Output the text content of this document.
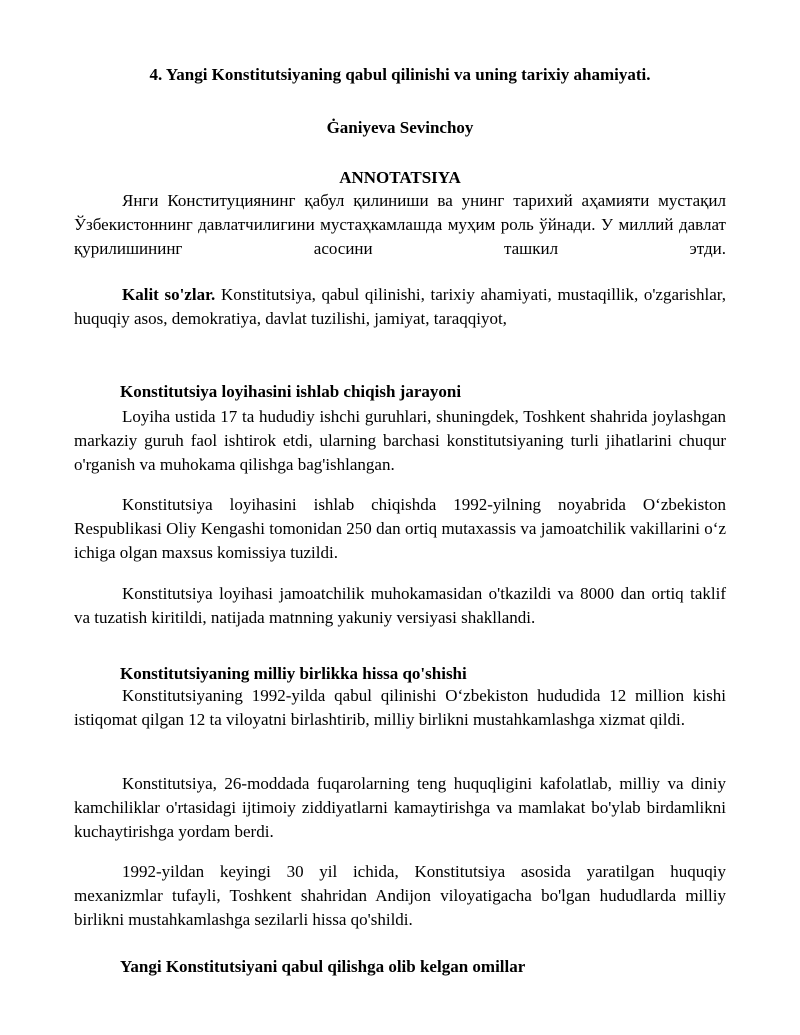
4. Yangi Konstitutsiyaning qabul qilinishi va uning tarixiy ahamiyati.
Ġaniyeva Sevinchoy
ANNOTATSIYA
Янги Конституциянинг қабул қилиниши ва унинг тарихий аҳамияти мустақил Ўзбекистоннинг давлатчилигини мустаҳкамлашда муҳим роль ўйнади. У миллий давлат қурилишининг асосини ташкил этди.
Kalit so'zlar. Konstitutsiya, qabul qilinishi, tarixiy ahamiyati, mustaqillik, o'zgarishlar, huquqiy asos, demokratiya, davlat tuzilishi, jamiyat, taraqqiyot,
Konstitutsiya loyihasini ishlab chiqish jarayoni
Loyiha ustida 17 ta hududiy ishchi guruhlari, shuningdek, Toshkent shahrida joylashgan markaziy guruh faol ishtirok etdi, ularning barchasi konstitutsiyaning turli jihatlarini chuqur o'rganish va muhokama qilishga bag'ishlangan.
Konstitutsiya loyihasini ishlab chiqishda 1992-yilning noyabrida Oʻzbekiston Respublikasi Oliy Kengashi tomonidan 250 dan ortiq mutaxassis va jamoatchilik vakillarini oʻz ichiga olgan maxsus komissiya tuzildi.
Konstitutsiya loyihasi jamoatchilik muhokamasidan o'tkazildi va 8000 dan ortiq taklif va tuzatish kiritildi, natijada matnning yakuniy versiyasi shakllandi.
Konstitutsiyaning milliy birlikka hissa qo'shishi
Konstitutsiyaning 1992-yilda qabul qilinishi Oʻzbekiston hududida 12 million kishi istiqomat qilgan 12 ta viloyatni birlashtirib, milliy birlikni mustahkamlashga xizmat qildi.
Konstitutsiya, 26-moddada fuqarolarning teng huquqligini kafolatlab, milliy va diniy kamchiliklar o'rtasidagi ijtimoiy ziddiyatlarni kamaytirishga va mamlakat bo'ylab birdamlikni kuchaytirishga yordam berdi.
1992-yildan keyingi 30 yil ichida, Konstitutsiya asosida yaratilgan huquqiy mexanizmlar tufayli, Toshkent shahridan Andijon viloyatigacha bo'lgan hududlarda milliy birlikni mustahkamlashga sezilarli hissa qo'shildi.
Yangi Konstitutsiyani qabul qilishga olib kelgan omillar
